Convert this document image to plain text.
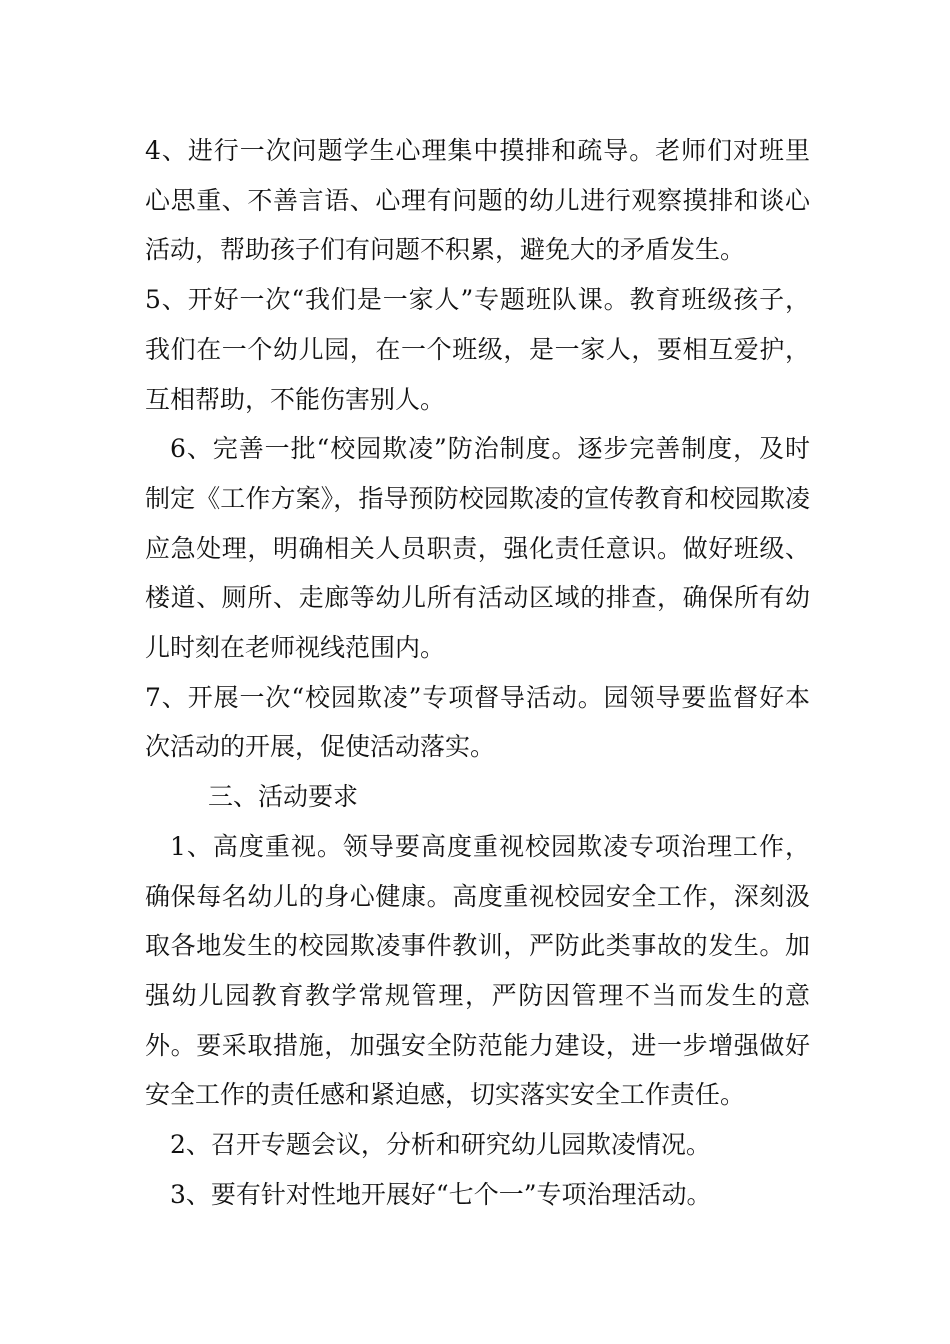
4、进行一次问题学生心理集中摸排和疏导。老师们对班里心思重、不善言语、心理有问题的幼儿进行观察摸排和谈心活动，帮助孩子们有问题不积累，避免大的矛盾发生。

5、开好一次“我们是一家人”专题班队课。教育班级孩子，我们在一个幼儿园，在一个班级，是一家人，要相互爱护，互相帮助，不能伤害别人。

6、完善一批“校园欺凌”防治制度。逐步完善制度，及时制定《工作方案》，指导预防校园欺凌的宣传教育和校园欺凌应急处理，明确相关人员职责，强化责任意识。做好班级、楼道、厕所、走廊等幼儿所有活动区域的排查，确保所有幼儿时刻在老师视线范围内。

7、开展一次“校园欺凌”专项督导活动。园领导要监督好本次活动的开展，促使活动落实。

三、活动要求

1、高度重视。领导要高度重视校园欺凌专项治理工作，确保每名幼儿的身心健康。高度重视校园安全工作，深刻汲取各地发生的校园欺凌事件教训，严防此类事故的发生。加强幼儿园教育教学常规管理，严防因管理不当而发生的意外。要采取措施，加强安全防范能力建设，进一步增强做好安全工作的责任感和紧迫感，切实落实安全工作责任。

2、召开专题会议，分析和研究幼儿园欺凌情况。

3、要有针对性地开展好“七个一”专项治理活动。
